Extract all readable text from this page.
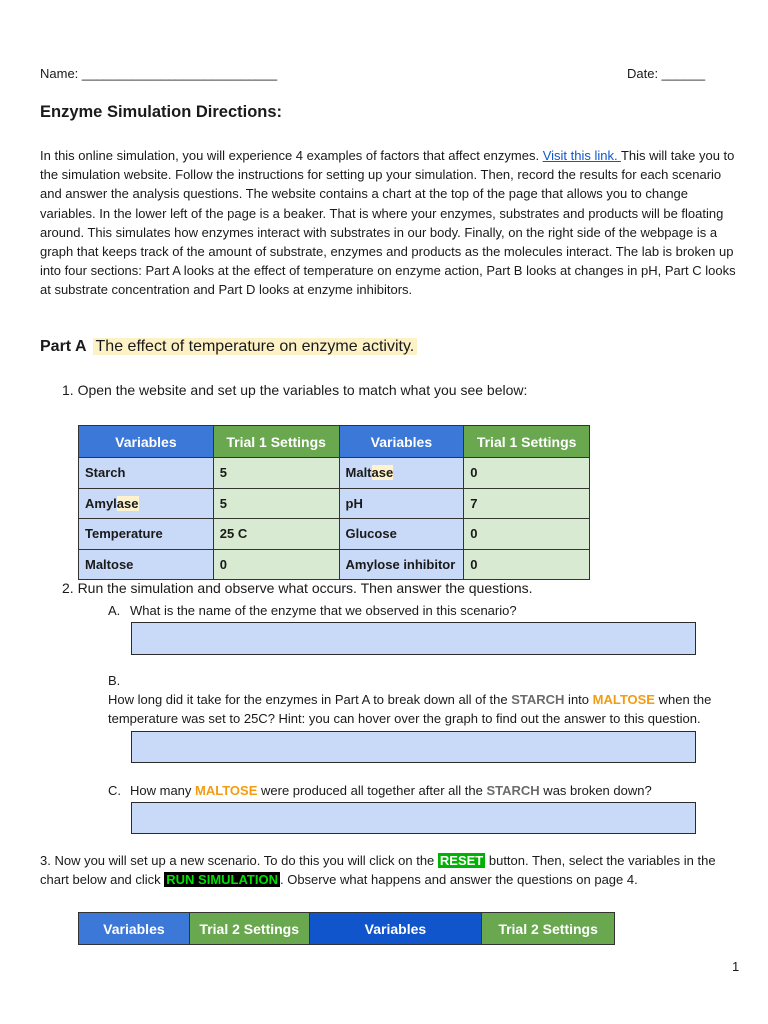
Name: ___________________________	Date: ______
Enzyme Simulation Directions:
In this online simulation, you will experience 4 examples of factors that affect enzymes. Visit this link. This will take you to the simulation website. Follow the instructions for setting up your simulation. Then, record the results for each scenario and answer the analysis questions. The website contains a chart at the top of the page that allows you to change variables. In the lower left of the page is a beaker. That is where your enzymes, substrates and products will be floating around. This simulates how enzymes interact with substrates in our body. Finally, on the right side of the webpage is a graph that keeps track of the amount of substrate, enzymes and products as the molecules interact. The lab is broken up into four sections: Part A looks at the effect of temperature on enzyme action, Part B looks at changes in pH, Part C looks at substrate concentration and Part D looks at enzyme inhibitors.
Part A The effect of temperature on enzyme activity.
1. Open the website and set up the variables to match what you see below:
Variables	Trial 1 Settings	Variables	Trial 1 Settings
Starch	5	Maltase	0
Amylase	5	pH	7
Temperature	25 C	Glucose	0
Maltose	0	Amylose inhibitor	0
2. Run the simulation and observe what occurs. Then answer the questions.
A. What is the name of the enzyme that we observed in this scenario?
B.How long did it take for the enzymes in Part A to break down all of the STARCH into MALTOSE when the temperature was set to 25C? Hint: you can hover over the graph to find out the answer to this question.
C. How many MALTOSE were produced all together after all the STARCH was broken down?
3. Now you will set up a new scenario. To do this you will click on the RESET button. Then, select the variables in the chart below and click RUN SIMULATION . Observe what happens and answer the questions on page 4.
Variables	Trial 2 Settings	Variables	Trial 2 Settings
1
